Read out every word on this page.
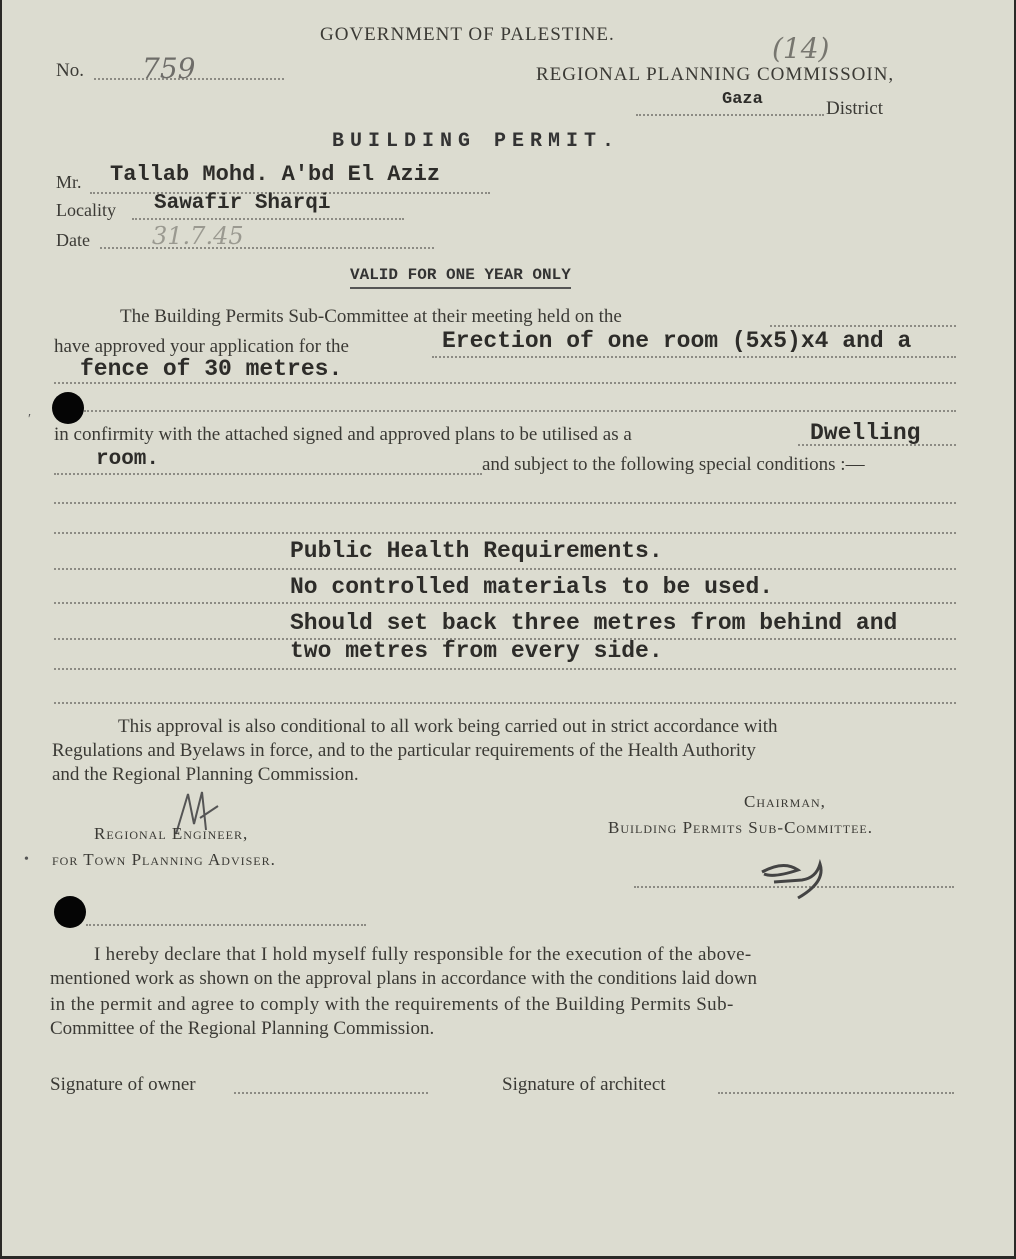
GOVERNMENT OF PALESTINE.	(14)
No. 759	REGIONAL PLANNING COMMISSOIN,
Gaza	District
BUILDING PERMIT.
Mr. Tallab Mohd. A'bd El Aziz
Locality Sawafir Sharqi
Date	31.7.45
VALID FOR ONE YEAR ONLY
The Building Permits Sub-Committee at their meeting held on the
have approved your application for the	Erection of one room (5x5)x4 and a
fence of 30 metres.
′
in confirmity with the attached signed and approved plans to be utilised as a	Dwelling
room.	and subject to the following special conditions :—
Public Health Requirements.
No controlled materials to be used.
Should set back three metres from behind and
two metres from every side.
This approval is also conditional to all work being carried out in strict accordance with
Regulations and Byelaws in force, and to the particular requirements of the Health Authority
and the Regional Planning Commission.
Regional Engineer,
for Town Planning Adviser.
•
Chairman,
Building Permits Sub-Committee.
I hereby declare that I hold myself fully responsible for the execution of the above-
mentioned work as shown on the approval plans in accordance with the conditions laid down
in the permit and agree to comply with the requirements of the Building Permits Sub-
Committee of the Regional Planning Commission.
Signature of owner	Signature of architect
